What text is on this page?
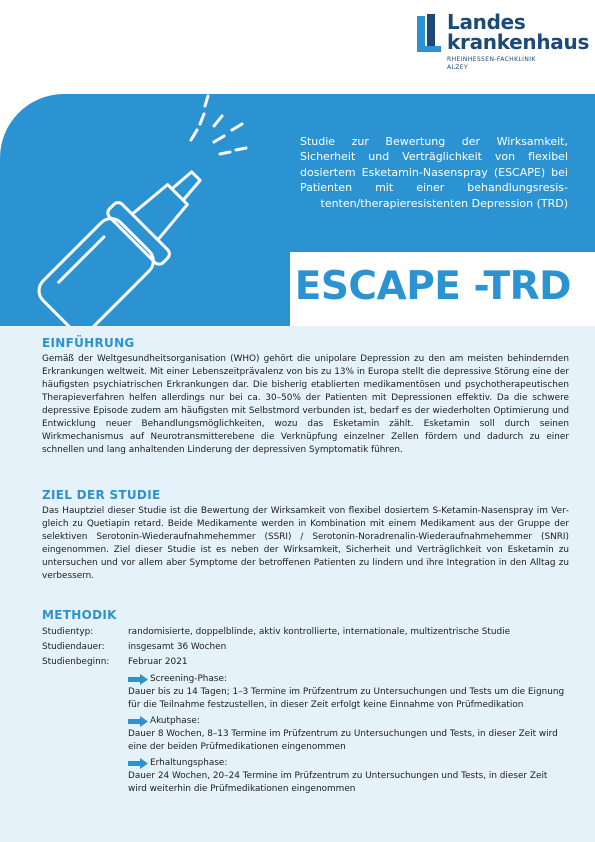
Landes
krankenhaus
RHEINHESSEN-FACHKLINIK
ALZEY
Studie zur Bewertung der Wirksamkeit, Sicherheit und Verträglichkeit von flexibel dosiertem Esketamin-Nasenspray (ESCAPE) bei Patienten mit einer behandlungsresistenten/therapieresistenten Depression (TRD)
ESCAPE -TRD
EINFÜHRUNG

Gemäß der Weltgesundheitsorganisation (WHO) gehört die unipolare Depression zu den am meisten behindernden Erkrankungen weltweit. Mit einer Lebenszeitprävalenz von bis zu 13% in Europa stellt die depressive Störung eine der häufigsten psychiatrischen Erkrankungen dar. Die bisherig etablierten medikamentösen und psychotherapeutischen Therapieverfahren helfen allerdings nur bei ca. 30–50% der Patienten mit Depressionen effektiv. Da die schwere depressive Episode zudem am häufigsten mit Selbstmord verbunden ist, bedarf es der wiederholten Optimierung und Entwicklung neuer Behandlungsmöglichkeiten, wozu das Esketamin zählt. Esketamin soll durch seinen Wirkmechanismus auf Neurotransmitterebene die Verknüpfung einzelner Zellen fördern und dadurch zu einer schnellen und lang anhaltenden Linderung der depressiven Symptomatik führen.

ZIEL DER STUDIE

Das Hauptziel dieser Studie ist die Bewertung der Wirksamkeit von flexibel dosiertem S-Ketamin-Nasenspray im Vergleich zu Quetiapin retard. Beide Medikamente werden in Kombination mit einem Medikament aus der Gruppe der selektiven Serotonin-Wiederaufnahmehemmer (SSRI) / Serotonin-Noradrenalin-Wiederaufnahmehemmer (SNRI) eingenommen. Ziel dieser Studie ist es neben der Wirksamkeit, Sicherheit und Verträglichkeit von Esketamin zu untersuchen und vor allem aber Symptome der betroffenen Patienten zu lindern und ihre Integration in den Alltag zu verbessern.

METHODIK
Studientyp:	randomisierte, doppelblinde, aktiv kontrollierte, internationale, multizentrische Studie
Studiendauer:	insgesamt 36 Wochen
Studienbeginn: Februar 2021
Screening-Phase:
Dauer bis zu 14 Tagen; 1–3 Termine im Prüfzentrum zu Untersuchungen und Tests um die Eignung für die Teilnahme festzustellen, in dieser Zeit erfolgt keine Einnahme von Prüfmedikation
Akutphase:
Dauer 8 Wochen, 8–13 Termine im Prüfzentrum zu Untersuchungen und Tests, in dieser Zeit wird eine der beiden Prüfmedikationen eingenommen
Erhaltungsphase:
Dauer 24 Wochen, 20–24 Termine im Prüfzentrum zu Untersuchungen und Tests, in dieser Zeit wird weiterhin die Prüfmedikationen eingenommen
